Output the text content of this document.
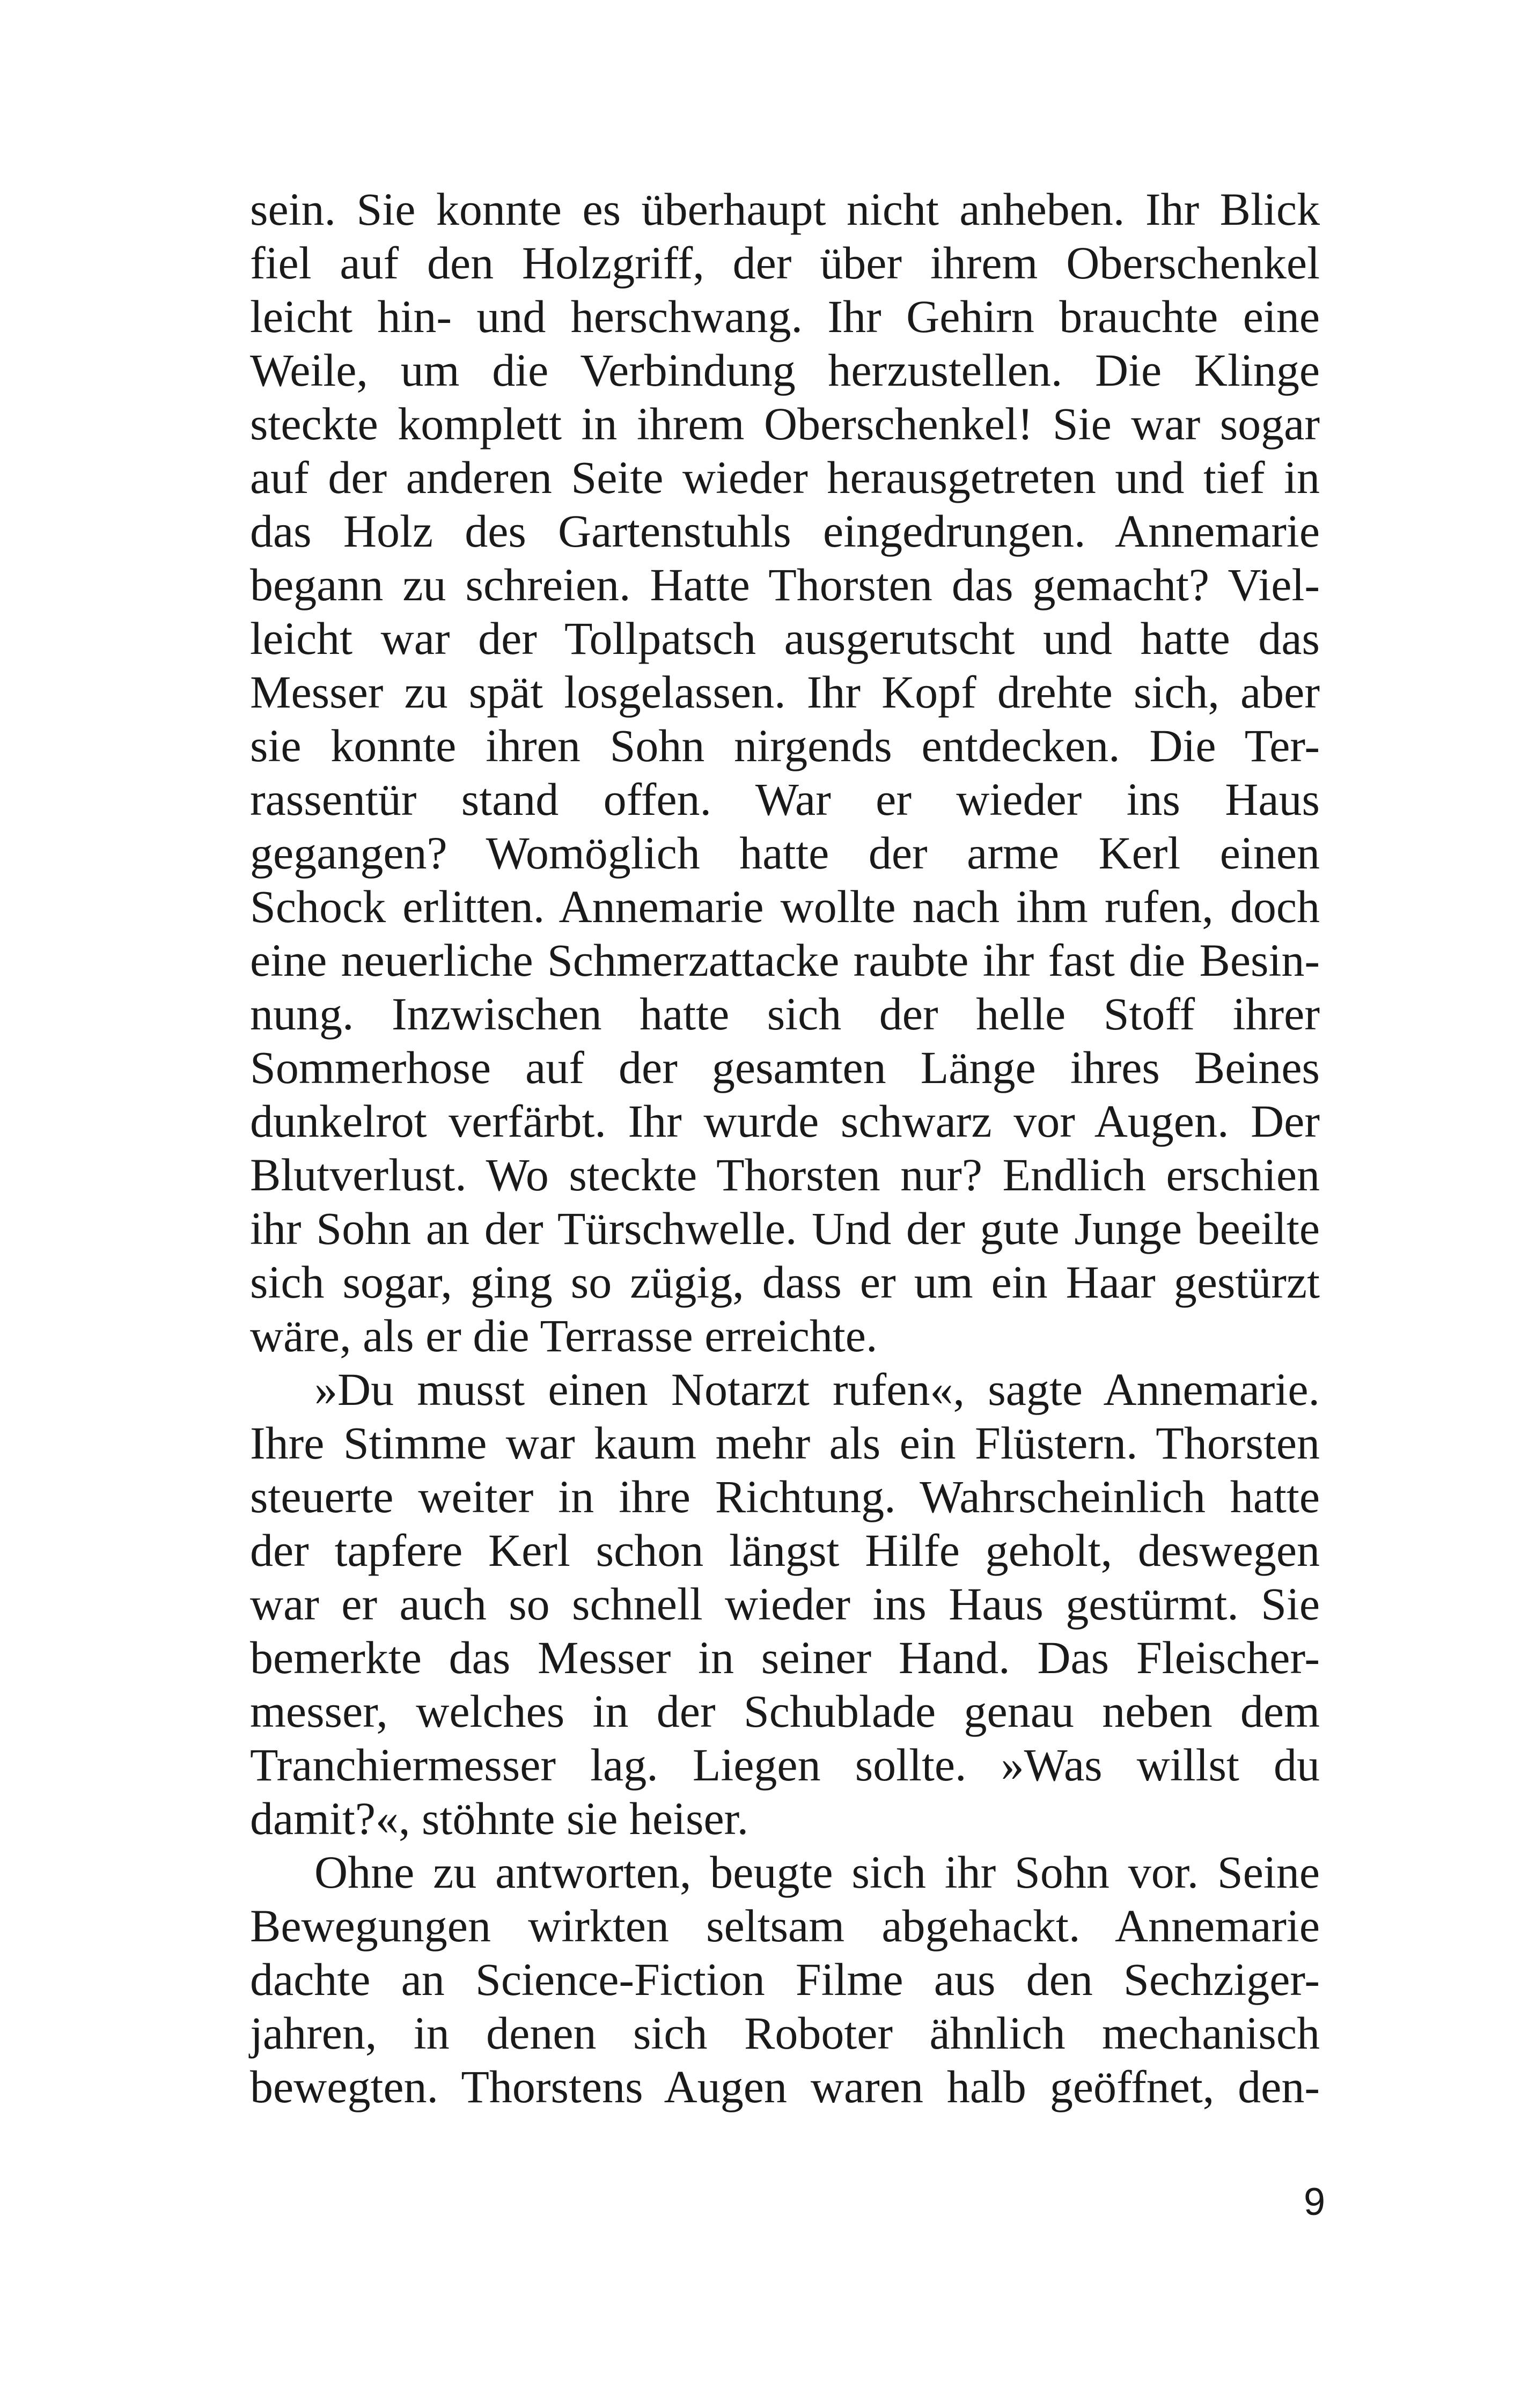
sein. Sie konnte es überhaupt nicht anheben. Ihr Blick
fiel auf den Holzgriff, der über ihrem Oberschenkel
leicht hin- und herschwang. Ihr Gehirn brauchte eine
Weile, um die Verbindung herzustellen. Die Klinge
steckte komplett in ihrem Oberschenkel! Sie war sogar
auf der anderen Seite wieder herausgetreten und tief in
das Holz des Gartenstuhls eingedrungen. Annemarie
begann zu schreien. Hatte Thorsten das gemacht? Viel-
leicht war der Tollpatsch ausgerutscht und hatte das
Messer zu spät losgelassen. Ihr Kopf drehte sich, aber
sie konnte ihren Sohn nirgends entdecken. Die Ter-
rassentür stand offen. War er wieder ins Haus
gegangen? Womöglich hatte der arme Kerl einen
Schock erlitten. Annemarie wollte nach ihm rufen, doch
eine neuerliche Schmerzattacke raubte ihr fast die Besin-
nung. Inzwischen hatte sich der helle Stoff ihrer
Sommerhose auf der gesamten Länge ihres Beines
dunkelrot verfärbt. Ihr wurde schwarz vor Augen. Der
Blutverlust. Wo steckte Thorsten nur? Endlich erschien
ihr Sohn an der Türschwelle. Und der gute Junge beeilte
sich sogar, ging so zügig, dass er um ein Haar gestürzt
wäre, als er die Terrasse erreichte.
»Du musst einen Notarzt rufen«, sagte Annemarie.
Ihre Stimme war kaum mehr als ein Flüstern. Thorsten
steuerte weiter in ihre Richtung. Wahrscheinlich hatte
der tapfere Kerl schon längst Hilfe geholt, deswegen
war er auch so schnell wieder ins Haus gestürmt. Sie
bemerkte das Messer in seiner Hand. Das Fleischer-
messer, welches in der Schublade genau neben dem
Tranchiermesser lag. Liegen sollte. »Was willst du
damit?«, stöhnte sie heiser.
Ohne zu antworten, beugte sich ihr Sohn vor. Seine
Bewegungen wirkten seltsam abgehackt. Annemarie
dachte an Science-Fiction Filme aus den Sechziger-
jahren, in denen sich Roboter ähnlich mechanisch
bewegten. Thorstens Augen waren halb geöffnet, den-
9
